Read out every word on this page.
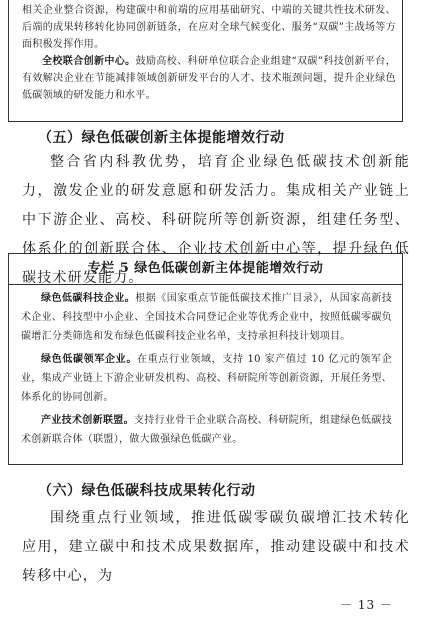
相关企业整合资源，构建碳中和前端的应用基础研究、中端的关键共性技术研发、后端的成果转移转化协同创新链条，在应对全球气候变化、服务“双碳”主战场等方面积极发挥作用。

全校联合创新中心。鼓励高校、科研单位联合企业组建“双碳”科技创新平台，有效解决企业在节能减排领域创新研发平台的人才、技术瓶颈问题，提升企业绿色低碳领域的研发能力和水平。

（五）绿色低碳创新主体提能增效行动

整合省内科教优势，培育企业绿色低碳技术创新能力，激发企业的研发意愿和研发活力。集成相关产业链上中下游企业、高校、科研院所等创新资源，组建任务型、体系化的创新联合体、企业技术创新中心等，提升绿色低碳技术研发能力。

专栏 5 绿色低碳创新主体提能增效行动

绿色低碳科技企业。根据《国家重点节能低碳技术推广目录》，从国家高新技术企业、科技型中小企业、全国技术合同登记企业等优秀企业中，按照低碳零碳负碳增汇分类筛选和发布绿色低碳科技企业名单，支持承担科技计划项目。

绿色低碳领军企业。在重点行业领域，支持 10 家产值过 10 亿元的领军企业，集成产业链上下游企业研发机构、高校、科研院所等创新资源，开展任务型、体系化的协同创新。

产业技术创新联盟。支持行业骨干企业联合高校、科研院所，组建绿色低碳技术创新联合体（联盟），做大做强绿色低碳产业。

（六）绿色低碳科技成果转化行动

围绕重点行业领域，推进低碳零碳负碳增汇技术转化应用，建立碳中和技术成果数据库，推动建设碳中和技术转移中心，为

－ 13 －
